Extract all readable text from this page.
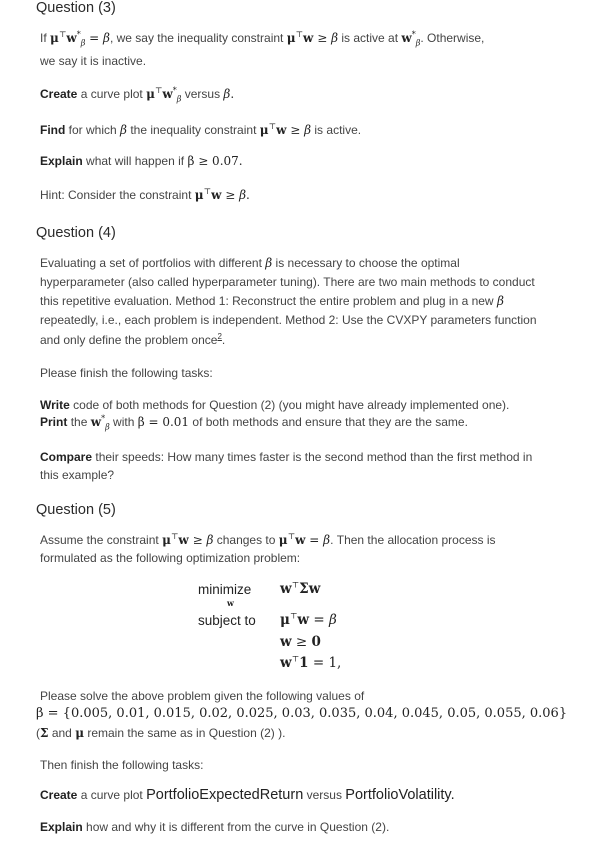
Question (3)
If $\mu^⊤w^*_\beta = \beta$, we say the inequality constraint μ⊤w ≥ β is active at $w^*_\beta$. Otherwise,
we say it is inactive.
Create a curve plot $\mu^⊤w^*_\beta$ versus β.
Find for which β the inequality constraint μ⊤w ≥ β is active.
Explain what will happen if β ≥ 0.07.
Hint: Consider the constraint μ⊤w ≥ β.
Question (4)
Evaluating a set of portfolios with different β is necessary to choose the optimal
hyperparameter (also called hyperparameter tuning). There are two main methods to conduct
this repetitive evaluation. Method 1: Reconstruct the entire problem and plug in a new β
repeatedly, i.e., each problem is independent. Method 2: Use the CVXPY parameters function
and only define the problem once$^2$.
Please finish the following tasks:
Write code of both methods for Question (2) (you might have already implemented one).
Print the $w^*_\beta$ with β = 0.01 of both methods and ensure that they are the same.
Compare their speeds: How many times faster is the second method than the first method in
this example?
Question (5)
Assume the constraint μ⊤w ≥ β changes to μ⊤w = β. Then the allocation process is
formulated as the following optimization problem:
minimize
w
w⊤Σw
subject to μ⊤w = β
w ≥ 0
w⊤1 = 1,
Please solve the above problem given the following values of
β = {0.005, 0.01, 0.015, 0.02, 0.025, 0.03, 0.035, 0.04, 0.045, 0.05, 0.055, 0.06}
(Σ and μ remain the same as in Question (2) ).
Then finish the following tasks:
Create a curve plot PortfolioExpectedReturn versus PortfolioVolatility.
Explain how and why it is different from the curve in Question (2).
